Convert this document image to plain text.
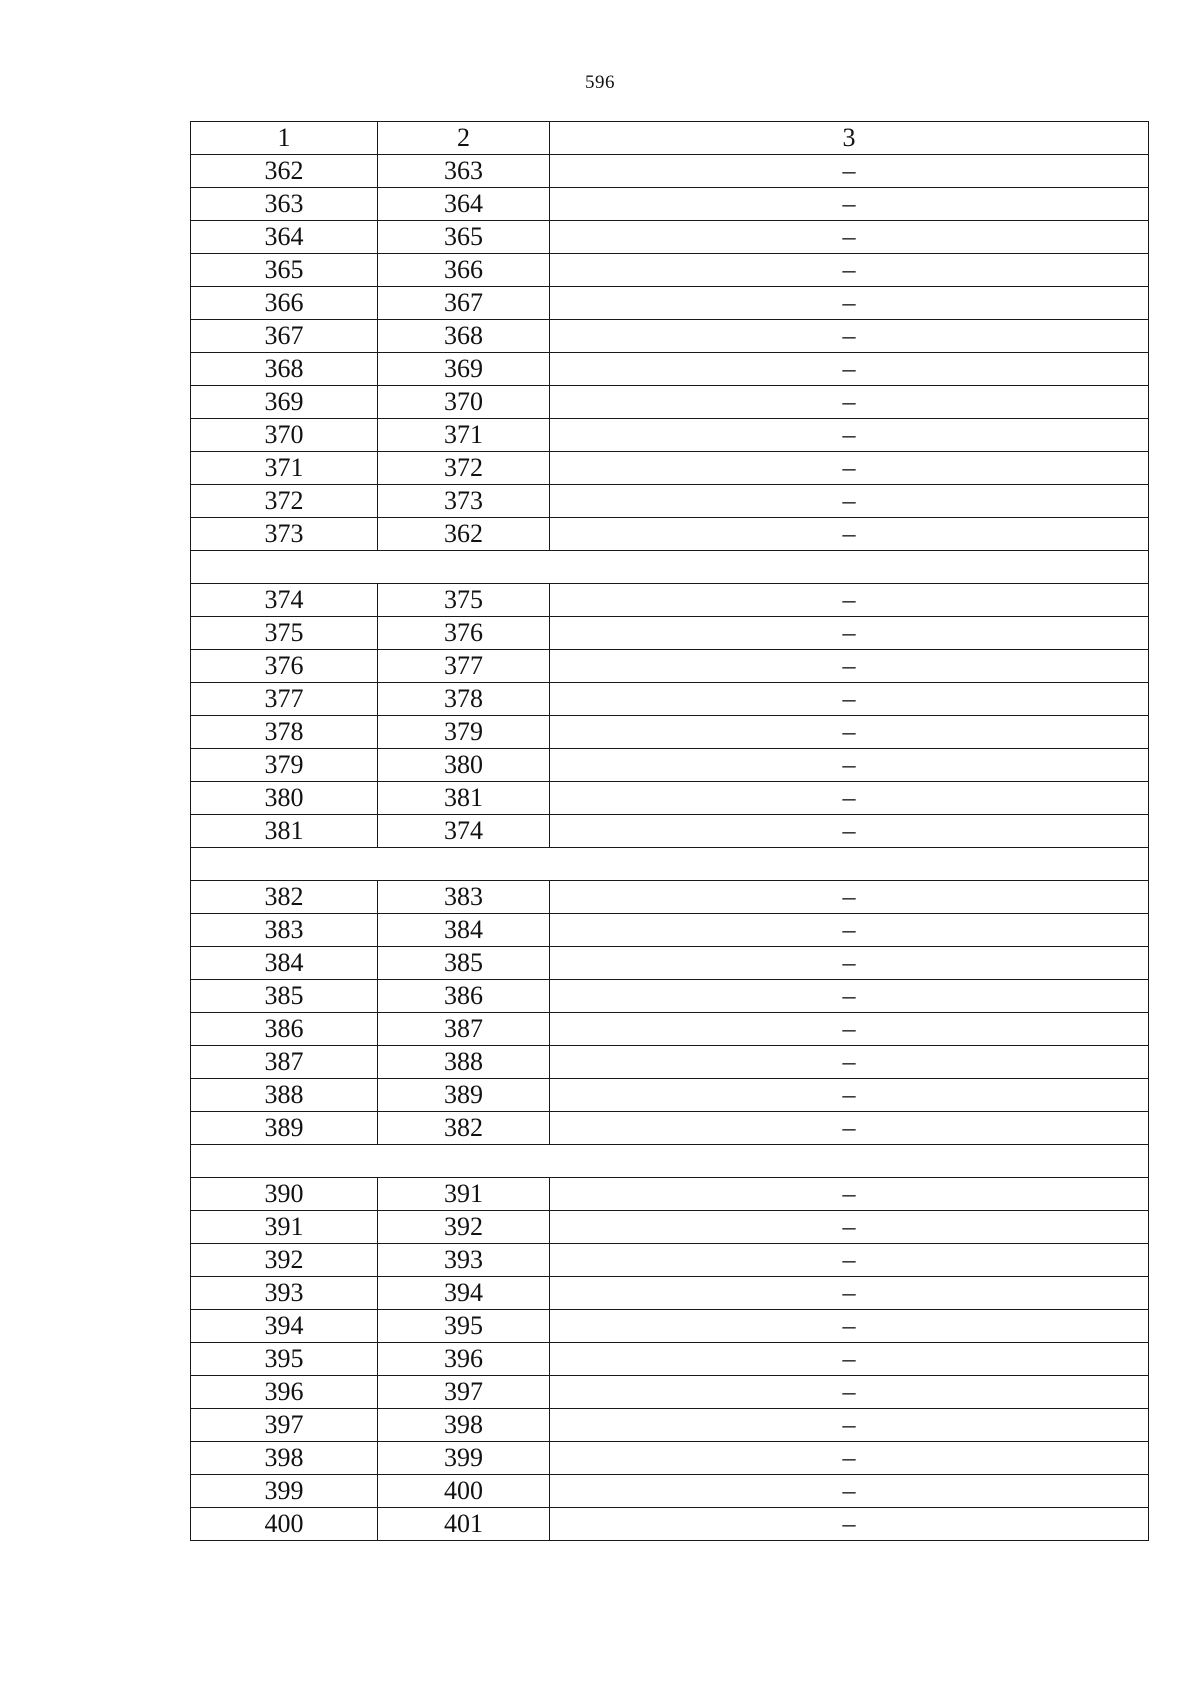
596
1	2	3
362	363	–
363	364	–
364	365	–
365	366	–
366	367	–
367	368	–
368	369	–
369	370	–
370	371	–
371	372	–
372	373	–
373	362	–

374	375	–
375	376	–
376	377	–
377	378	–
378	379	–
379	380	–
380	381	–
381	374	–

382	383	–
383	384	–
384	385	–
385	386	–
386	387	–
387	388	–
388	389	–
389	382	–

390	391	–
391	392	–
392	393	–
393	394	–
394	395	–
395	396	–
396	397	–
397	398	–
398	399	–
399	400	–
400	401	–
